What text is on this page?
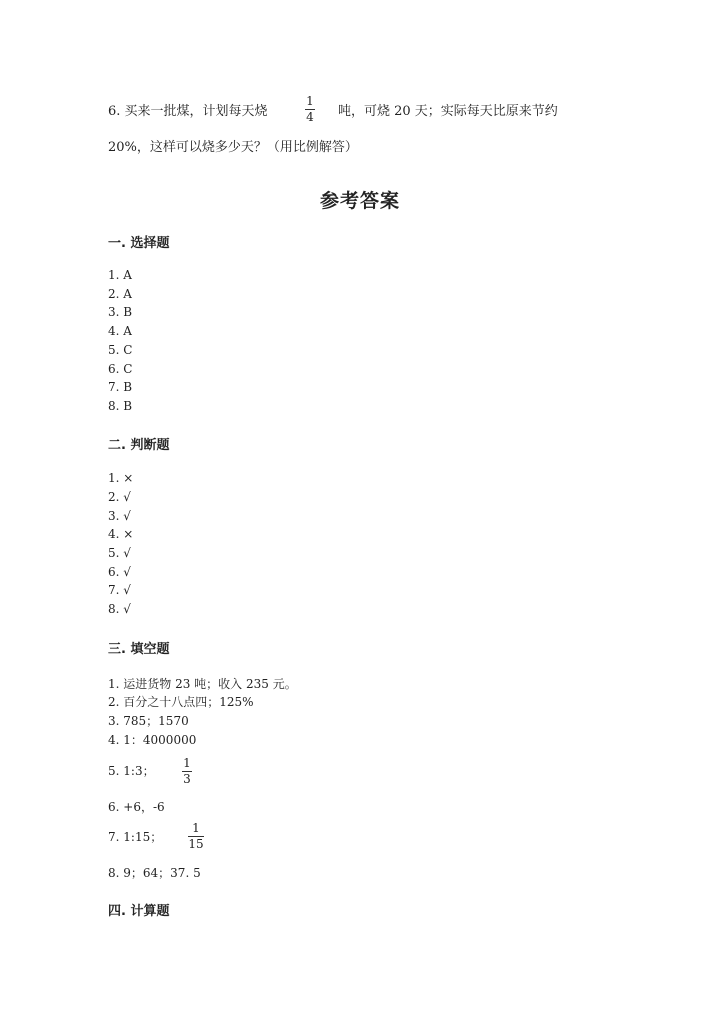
6. 买来一批煤，计划每天烧
1
4	吨，可烧 20 天；实际每天比原来节约
20%，这样可以烧多少天？（用比例解答）
参考答案
一. 选择题
1. A
2. A
3. B
4. A
5. C
6. C
7. B
8. B
二. 判断题
1. ×
2. √
3. √
4. ×
5. √
6. √
7. √
8. √
三. 填空题
1. 运进货物 23 吨；收入 235 元。
2. 百分之十八点四；125%
3. 785；1570
4. 1：4000000
5. 1:3；
1
3
6. +6，-6
7. 1:15；
1
15
8. 9；64；37. 5
四. 计算题
